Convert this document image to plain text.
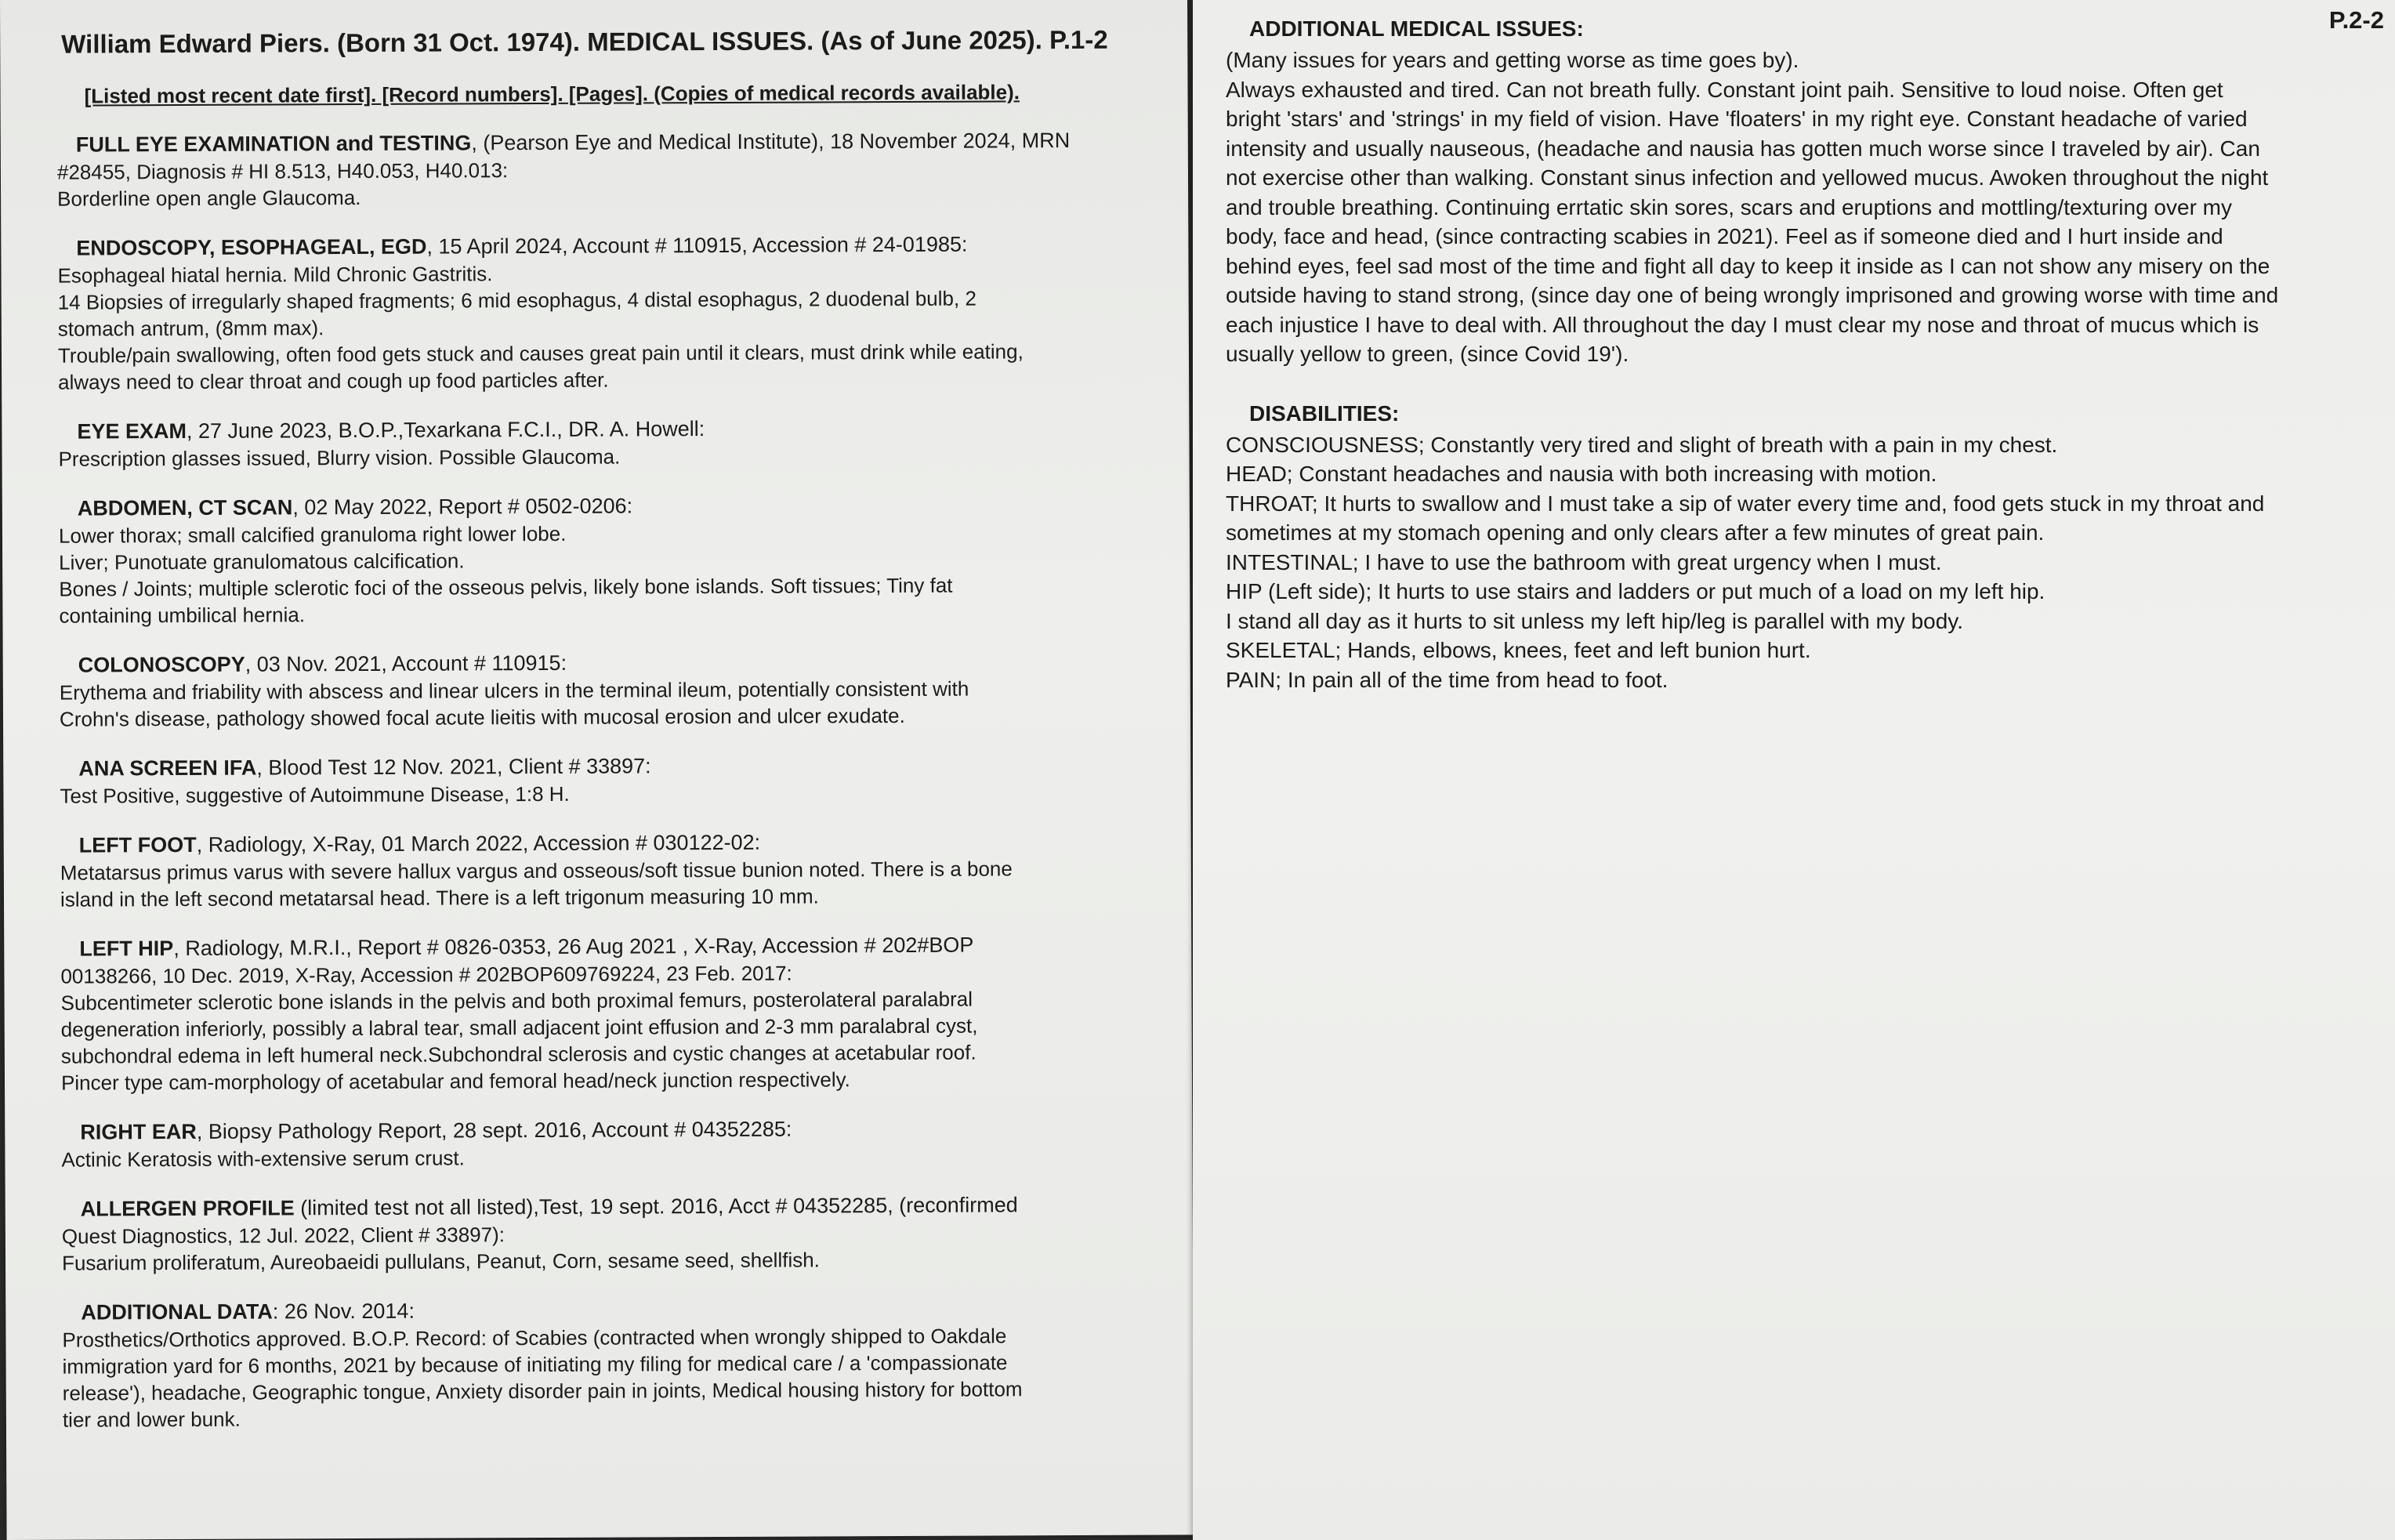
William Edward Piers. (Born 31 Oct. 1974). MEDICAL ISSUES. (As of June 2025). P.1-2
[Listed most recent date first]. [Record numbers]. [Pages]. (Copies of medical records available).
FULL EYE EXAMINATION and TESTING, (Pearson Eye and Medical Institute), 18 November 2024, MRN
#28455, Diagnosis # HI 8.513, H40.053, H40.013:
Borderline open angle Glaucoma.
ENDOSCOPY, ESOPHAGEAL, EGD, 15 April 2024, Account # 110915, Accession # 24-01985:
Esophageal hiatal hernia. Mild Chronic Gastritis.
14 Biopsies of irregularly shaped fragments; 6 mid esophagus, 4 distal esophagus, 2 duodenal bulb, 2
stomach antrum, (8mm max).
Trouble/pain swallowing, often food gets stuck and causes great pain until it clears, must drink while eating,
always need to clear throat and cough up food particles after.
EYE EXAM, 27 June 2023, B.O.P.,Texarkana F.C.I., DR. A. Howell:
Prescription glasses issued, Blurry vision. Possible Glaucoma.
ABDOMEN, CT SCAN, 02 May 2022, Report # 0502-0206:
Lower thorax; small calcified granuloma right lower lobe.
Liver; Punotuate granulomatous calcification.
Bones / Joints; multiple sclerotic foci of the osseous pelvis, likely bone islands. Soft tissues; Tiny fat
containing umbilical hernia.
COLONOSCOPY, 03 Nov. 2021, Account # 110915:
Erythema and friability with abscess and linear ulcers in the terminal ileum, potentially consistent with
Crohn's disease, pathology showed focal acute lieitis with mucosal erosion and ulcer exudate.
ANA SCREEN IFA, Blood Test 12 Nov. 2021, Client # 33897:
Test Positive, suggestive of Autoimmune Disease, 1:8 H.
LEFT FOOT, Radiology, X-Ray, 01 March 2022, Accession # 030122-02:
Metatarsus primus varus with severe hallux vargus and osseous/soft tissue bunion noted. There is a bone
island in the left second metatarsal head. There is a left trigonum measuring 10 mm.
LEFT HIP, Radiology, M.R.I., Report # 0826-0353, 26 Aug 2021 , X-Ray, Accession # 202#BOP
00138266, 10 Dec. 2019, X-Ray, Accession # 202BOP609769224, 23 Feb. 2017:
Subcentimeter sclerotic bone islands in the pelvis and both proximal femurs, posterolateral paralabral
degeneration inferiorly, possibly a labral tear, small adjacent joint effusion and 2-3 mm paralabral cyst,
subchondral edema in left humeral neck.Subchondral sclerosis and cystic changes at acetabular roof.
Pincer type cam-morphology of acetabular and femoral head/neck junction respectively.
RIGHT EAR, Biopsy Pathology Report, 28 sept. 2016, Account # 04352285:
Actinic Keratosis with-extensive serum crust.
ALLERGEN PROFILE (limited test not all listed),Test, 19 sept. 2016, Acct # 04352285, (reconfirmed
Quest Diagnostics, 12 Jul. 2022, Client # 33897):
Fusarium proliferatum, Aureobaeidi pullulans, Peanut, Corn, sesame seed, shellfish.
ADDITIONAL DATA: 26 Nov. 2014:
Prosthetics/Orthotics approved. B.O.P. Record: of Scabies (contracted when wrongly shipped to Oakdale
immigration yard for 6 months, 2021 by because of initiating my filing for medical care / a 'compassionate
release'), headache, Geographic tongue, Anxiety disorder pain in joints, Medical housing history for bottom
tier and lower bunk.
P.2-2
ADDITIONAL MEDICAL ISSUES:
(Many issues for years and getting worse as time goes by).
Always exhausted and tired. Can not breath fully. Constant joint paih. Sensitive to loud noise. Often get
bright 'stars' and 'strings' in my field of vision. Have 'floaters' in my right eye. Constant headache of varied
intensity and usually nauseous, (headache and nausia has gotten much worse since I traveled by air). Can
not exercise other than walking. Constant sinus infection and yellowed mucus. Awoken throughout the night
and trouble breathing. Continuing errtatic skin sores, scars and eruptions and mottling/texturing over my
body, face and head, (since contracting scabies in 2021). Feel as if someone died and I hurt inside and
behind eyes, feel sad most of the time and fight all day to keep it inside as I can not show any misery on the
outside having to stand strong, (since day one of being wrongly imprisoned and growing worse with time and
each injustice I have to deal with. All throughout the day I must clear my nose and throat of mucus which is
usually yellow to green, (since Covid 19').
DISABILITIES:
CONSCIOUSNESS; Constantly very tired and slight of breath with a pain in my chest.
HEAD; Constant headaches and nausia with both increasing with motion.
THROAT; It hurts to swallow and I must take a sip of water every time and, food gets stuck in my throat and
sometimes at my stomach opening and only clears after a few minutes of great pain.
INTESTINAL; I have to use the bathroom with great urgency when I must.
HIP (Left side); It hurts to use stairs and ladders or put much of a load on my left hip.
I stand all day as it hurts to sit unless my left hip/leg is parallel with my body.
SKELETAL; Hands, elbows, knees, feet and left bunion hurt.
PAIN; In pain all of the time from head to foot.
